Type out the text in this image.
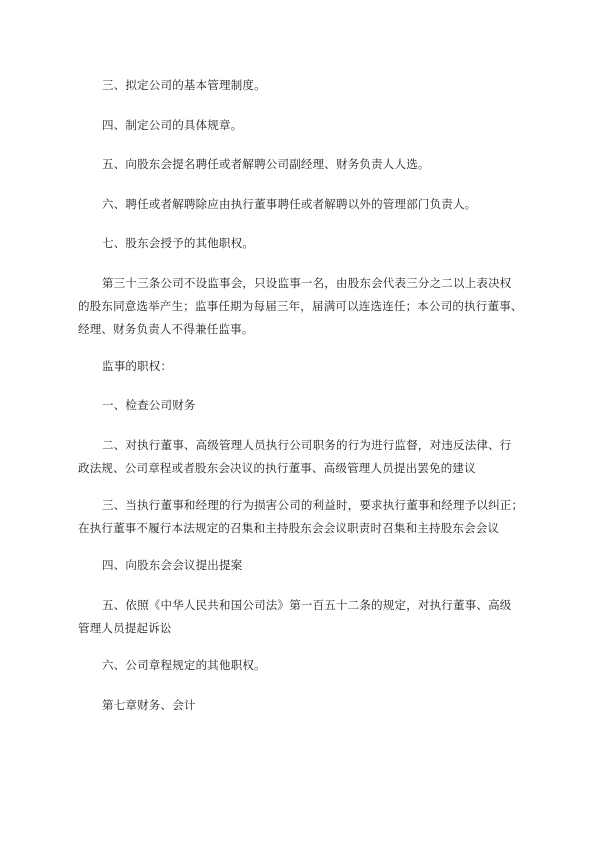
三、拟定公司的基本管理制度。

四、制定公司的具体规章。

五、向股东会提名聘任或者解聘公司副经理、财务负责人人选。

六、聘任或者解聘除应由执行董事聘任或者解聘以外的管理部门负责人。

七、股东会授予的其他职权。

第三十三条公司不设监事会，只设监事一名，由股东会代表三分之二以上表决权
的股东同意选举产生；监事任期为每届三年，届满可以连选连任；本公司的执行董事、
经理、财务负责人不得兼任监事。

监事的职权：

一、检查公司财务

二、对执行董事、高级管理人员执行公司职务的行为进行监督，对违反法律、行
政法规、公司章程或者股东会决议的执行董事、高级管理人员提出罢免的建议

三、当执行董事和经理的行为损害公司的利益时，要求执行董事和经理予以纠正；
在执行董事不履行本法规定的召集和主持股东会会议职责时召集和主持股东会会议

四、向股东会会议提出提案

五、依照《中华人民共和国公司法》第一百五十二条的规定，对执行董事、高级
管理人员提起诉讼

六、公司章程规定的其他职权。

第七章财务、会计
